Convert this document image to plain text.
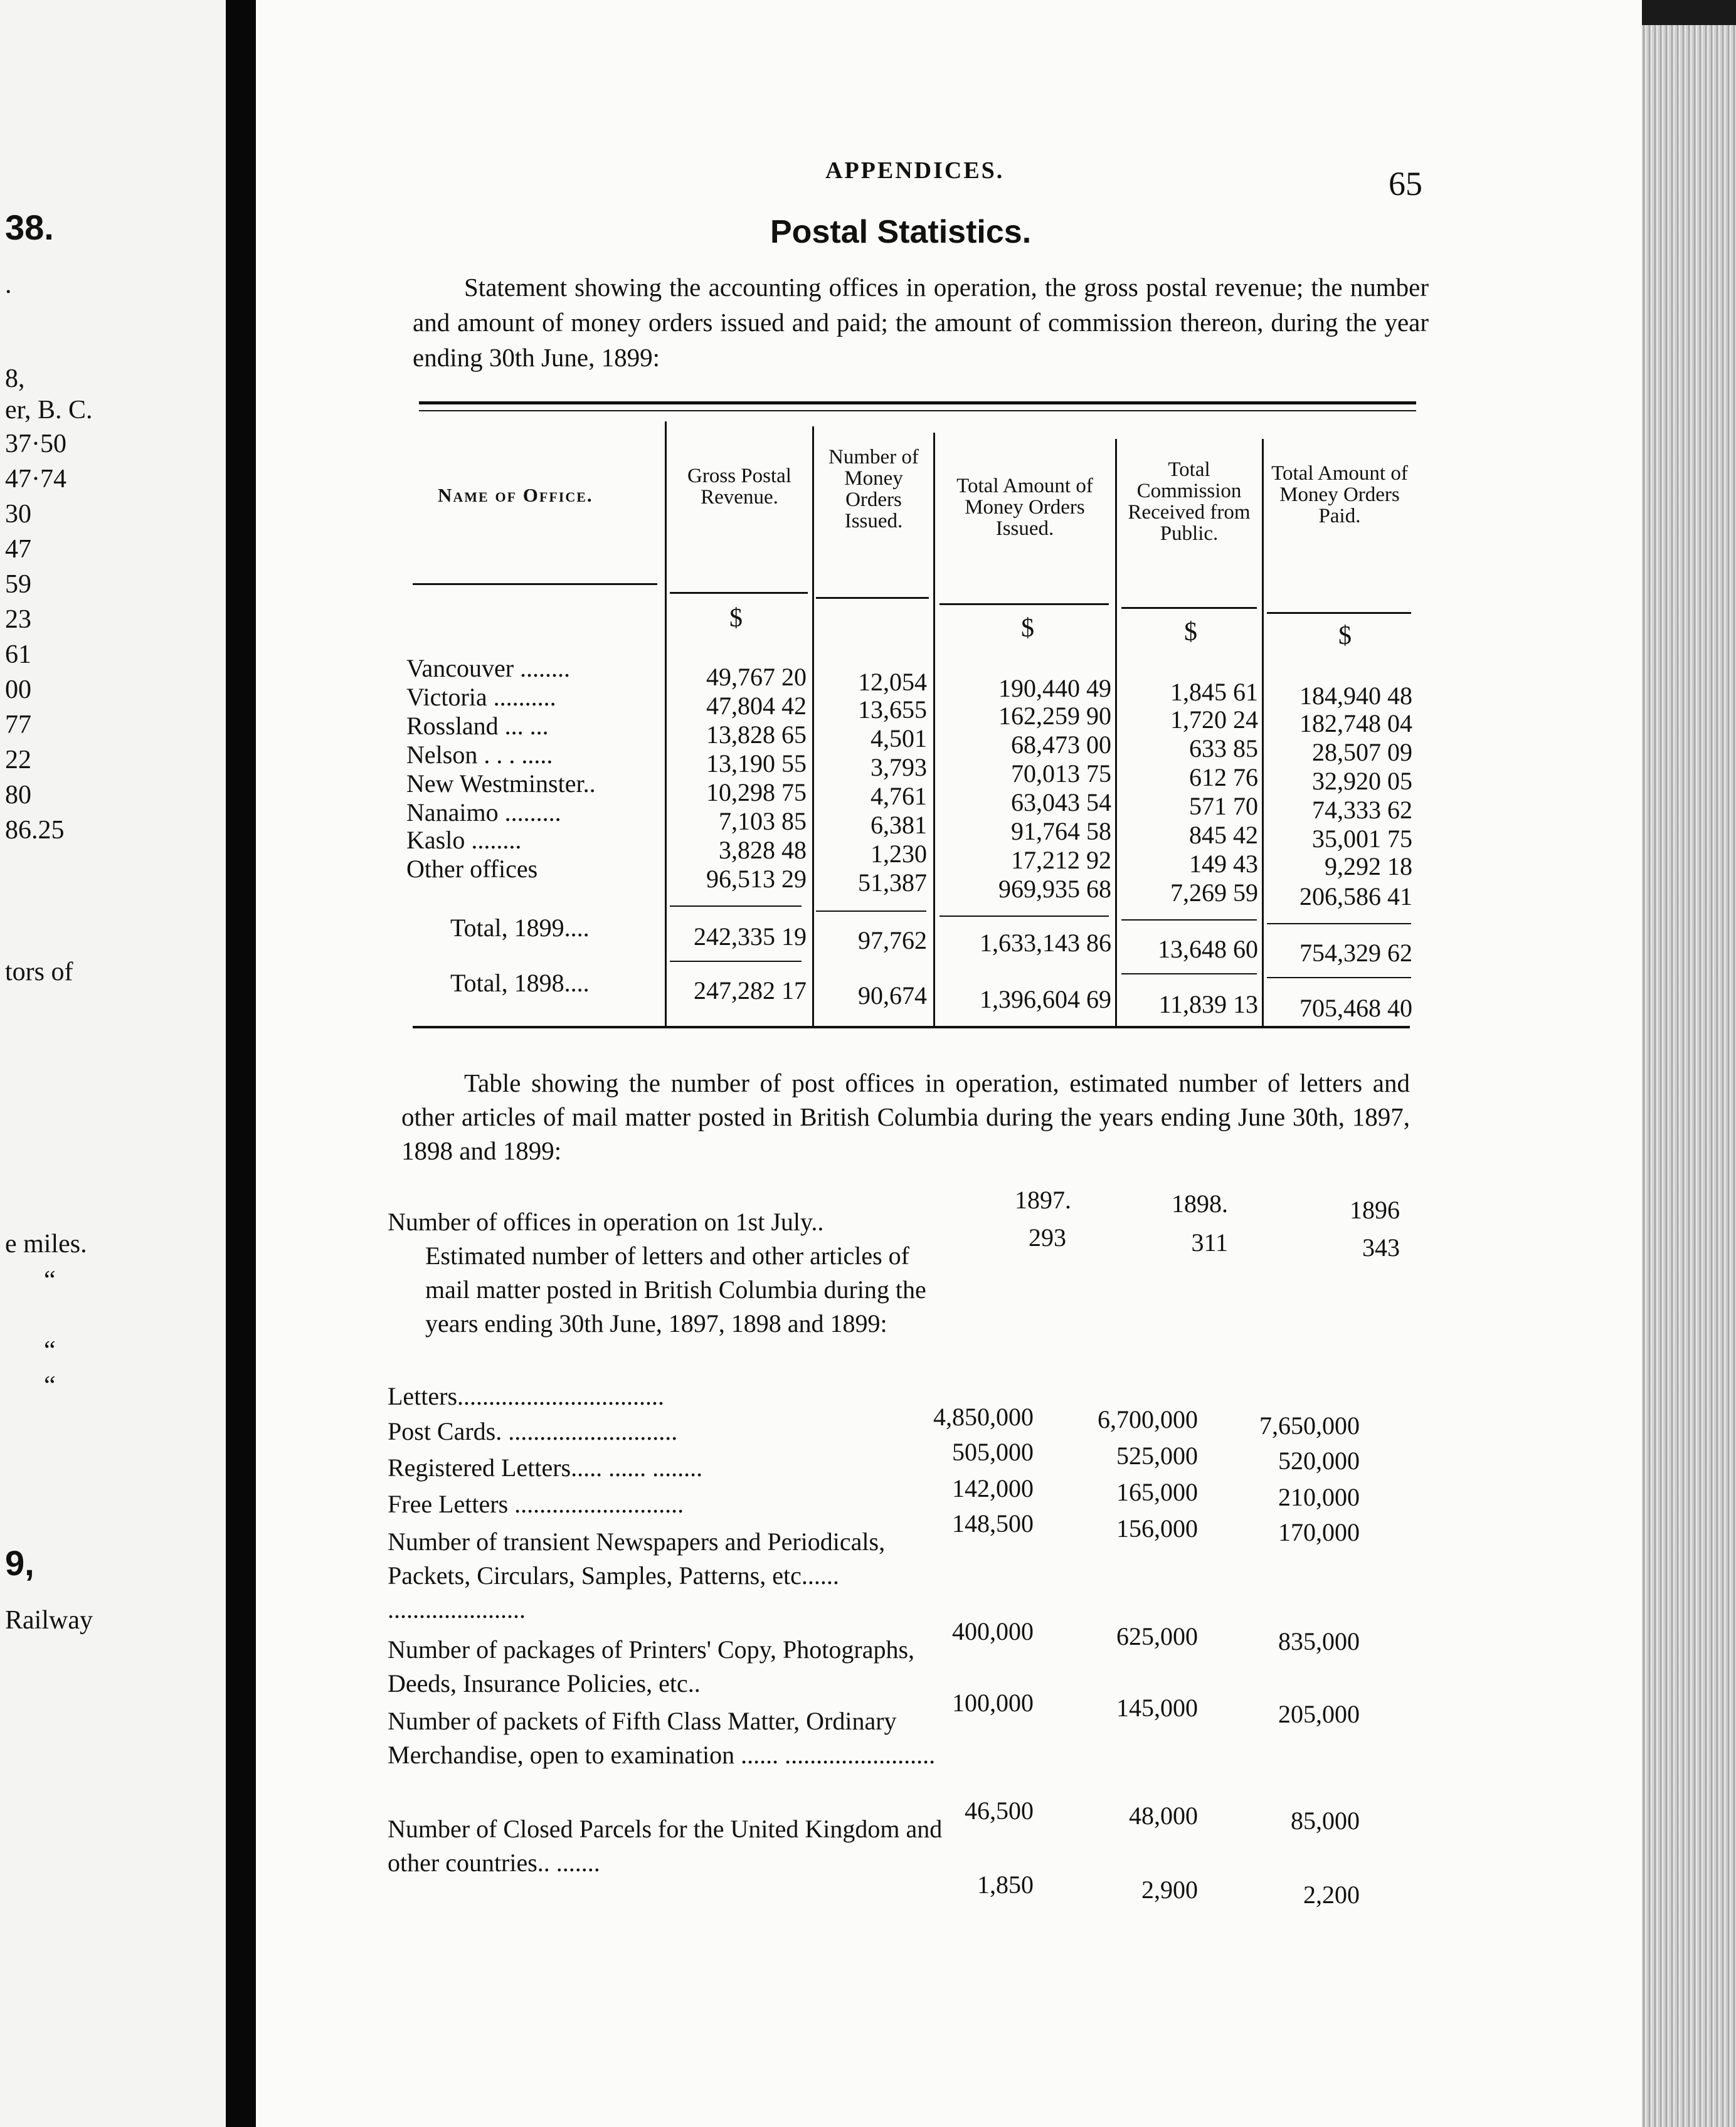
38.
.
8,
er, B. C.
37·50
47·74
30
47
59
23
61
00
77
22
80
86.25
tors of
e miles.
“
“
“
9,
Railway
APPENDICES.	65
Postal Statistics.
Statement showing the accounting offices in operation, the gross postal revenue; the number and amount of money orders issued and paid; the amount of commission thereon, during the year ending 30th June, 1899:
Name of Office.
Gross Postal Revenue.
Number of Money Orders Issued.
Total Amount of Money Orders Issued.
Total Commission Received from Public.
Total Amount of Money Orders Paid.
$	$	$	$
Vancouver ........	49,767 20	12,054	190,440 49	1,845 61	184,940 48
Victoria ..........	47,804 42	13,655	162,259 90	1,720 24	182,748 04
Rossland ... ...	13,828 65	4,501	68,473 00	633 85	28,507 09
Nelson . . . .....	13,190 55	3,793	70,013 75	612 76	32,920 05
New Westminster..	10,298 75	4,761	63,043 54	571 70	74,333 62
Nanaimo .........	7,103 85	6,381	91,764 58	845 42	35,001 75
Kaslo ........	3,828 48	1,230	17,212 92	149 43	9,292 18
Other offices	96,513 29	51,387	969,935 68	7,269 59	206,586 41
Total, 1899....	242,335 19	97,762	1,633,143 86	13,648 60	754,329 62
Total, 1898....	247,282 17	90,674	1,396,604 69	11,839 13	705,468 40
Table showing the number of post offices in operation, estimated number of letters and other articles of mail matter posted in British Columbia during the years ending June 30th, 1897, 1898 and 1899:
1897.	1898.	1896
Number of offices in operation on 1st July..
293	311	343
Estimated number of letters and other articles of mail matter posted in British Columbia during the years ending 30th June, 1897, 1898 and 1899:
Letters.................................
4,850,000	6,700,000	7,650,000
Post Cards. ...........................
505,000	525,000	520,000
Registered Letters..... ...... ........
142,000	165,000	210,000
Free Letters ...........................
148,500	156,000	170,000
Number of transient Newspapers and Periodicals, Packets, Circulars, Samples, Patterns, etc...... ......................
400,000	625,000	835,000
Number of packages of Printers' Copy, Photographs, Deeds, Insurance Policies, etc..
100,000	145,000	205,000
Number of packets of Fifth Class Matter, Ordinary Merchandise, open to examination ...... ........................
46,500	48,000	85,000
Number of Closed Parcels for the United Kingdom and other countries.. .......
1,850	2,900	2,200
